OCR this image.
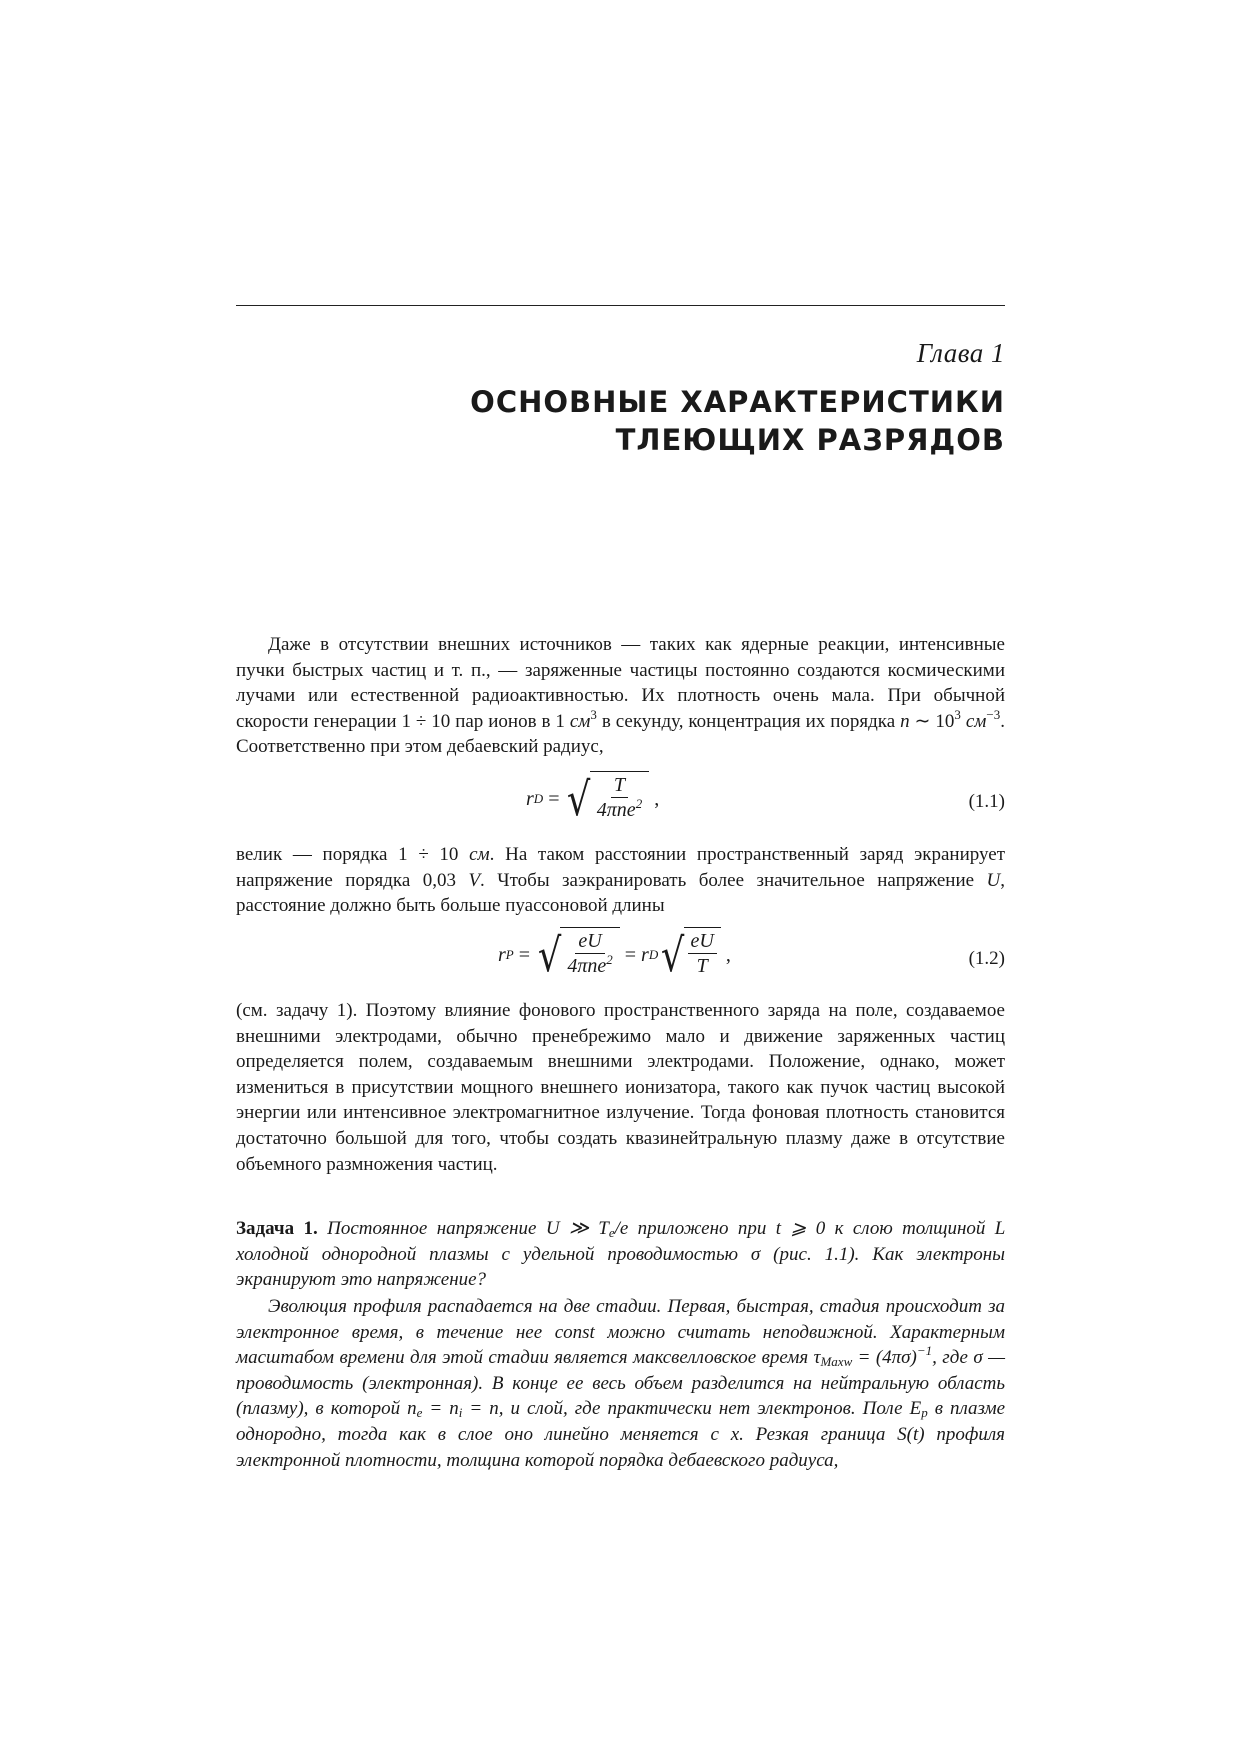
Глава 1
ОСНОВНЫЕ ХАРАКТЕРИСТИКИ
ТЛЕЮЩИХ РАЗРЯДОВ

Даже в отсутствии внешних источников — таких как ядерные реакции, интенсивные пучки быстрых частиц и т. п., — заряженные частицы постоянно создаются космическими лучами или естественной радиоактивностью. Их плотность очень мала. При обычной скорости генерации 1 ÷ 10 пар ионов в 1 $см^3$ в секунду, концентрация их порядка n ∼ $10^3$ $см^{-3}$. Соответственно при этом дебаевский радиус,

r D = √ $\frac{T}{4\pi ne^2}$ ,	(1.1)

велик — порядка 1 ÷ 10 см. На таком расстоянии пространственный заряд экранирует напряжение порядка 0,03 V. Чтобы заэкранировать более значительное напряжение U, расстояние должно быть больше пуассоновой длины

r P = √ $\frac{eU}{4\pi ne^2} = r$ D √ $\frac{eU}{T}$ ,	(1.2)

(см. задачу 1). Поэтому влияние фонового пространственного заряда на поле, создаваемое внешними электродами, обычно пренебрежимо мало и движение заряженных частиц определяется полем, создаваемым внешними электродами. Положение, однако, может измениться в присутствии мощного внешнего ионизатора, такого как пучок частиц высокой энергии или интенсивное электромагнитное излучение. Тогда фоновая плотность становится достаточно большой для того, чтобы создать квазинейтральную плазму даже в отсутствие объемного размножения частиц.

Задача 1. Постоянное напряжение U ≫ $T_e/e$ приложено при t ⩾ 0 к слою толщиной L холодной однородной плазмы с удельной проводимостью σ (рис. 1.1). Как электроны экранируют это напряжение?

Эволюция профиля распадается на две стадии. Первая, быстрая, стадия происходит за электронное время, в течение нее const можно считать неподвижной. Характерным масштабом времени для этой стадии является максвелловское время $\tau_{Maxw} = (4\pi\sigma)^{-1}$, где σ — проводимость (электронная). В конце ее весь объем разделится на нейтральную область (плазму), в которой $n_e = n_i = n$, и слой, где практически нет электронов. Поле $E_p$ в плазме однородно, тогда как в слое оно линейно меняется с x. Резкая граница S(t) профиля электронной плотности, толщина которой порядка дебаевского радиуса,
